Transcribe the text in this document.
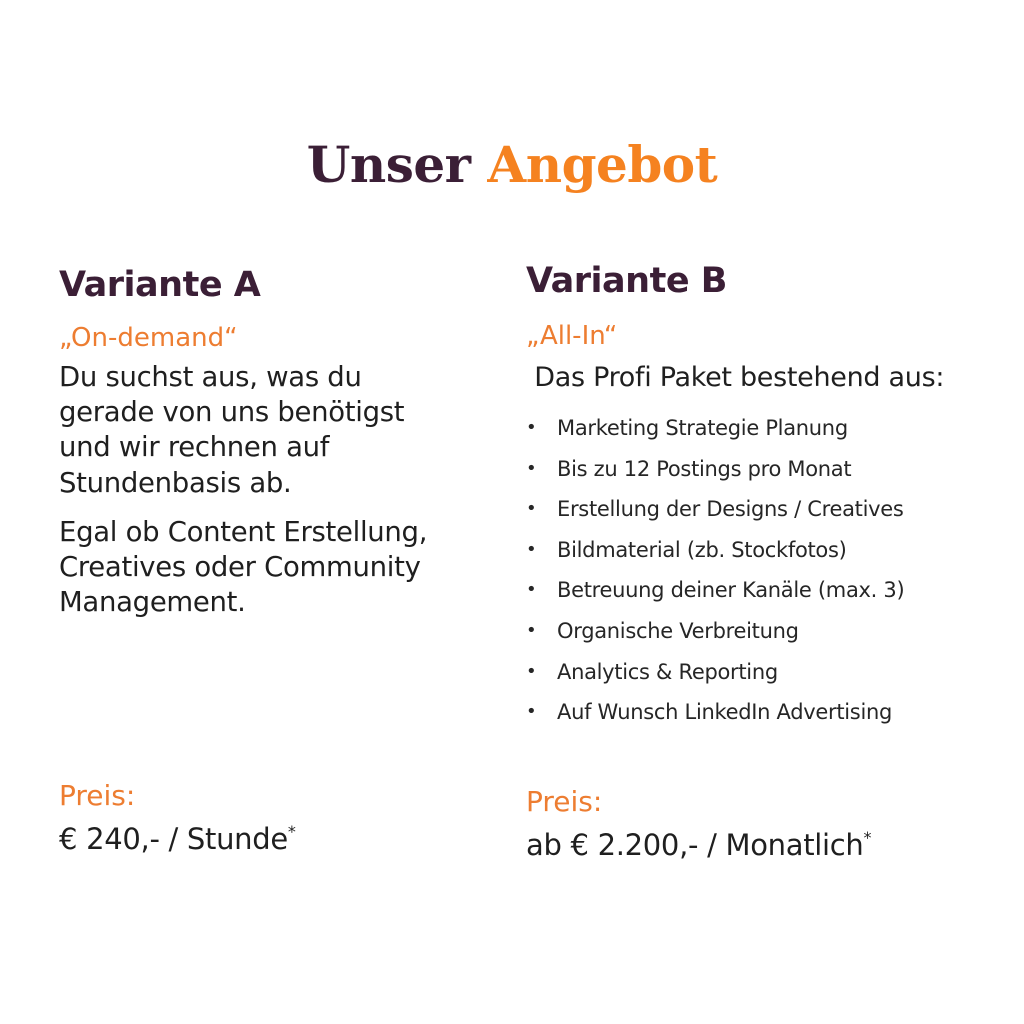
Unser Angebot
Variante A
„On-demand“

Du suchst aus, was du gerade von uns benötigst und wir rechnen auf Stundenbasis ab.

Egal ob Content Erstellung, Creatives oder Community Management.

Preis:
€ 240,- / Stunde*
Variante B
„All-In“
Das Profi Paket bestehend aus:
• Marketing Strategie Planung
• Bis zu 12 Postings pro Monat
• Erstellung der Designs / Creatives
• Bildmaterial (zb. Stockfotos)
• Betreuung deiner Kanäle (max. 3)
• Organische Verbreitung
• Analytics & Reporting
• Auf Wunsch LinkedIn Advertising
Preis:
ab € 2.200,- / Monatlich*
